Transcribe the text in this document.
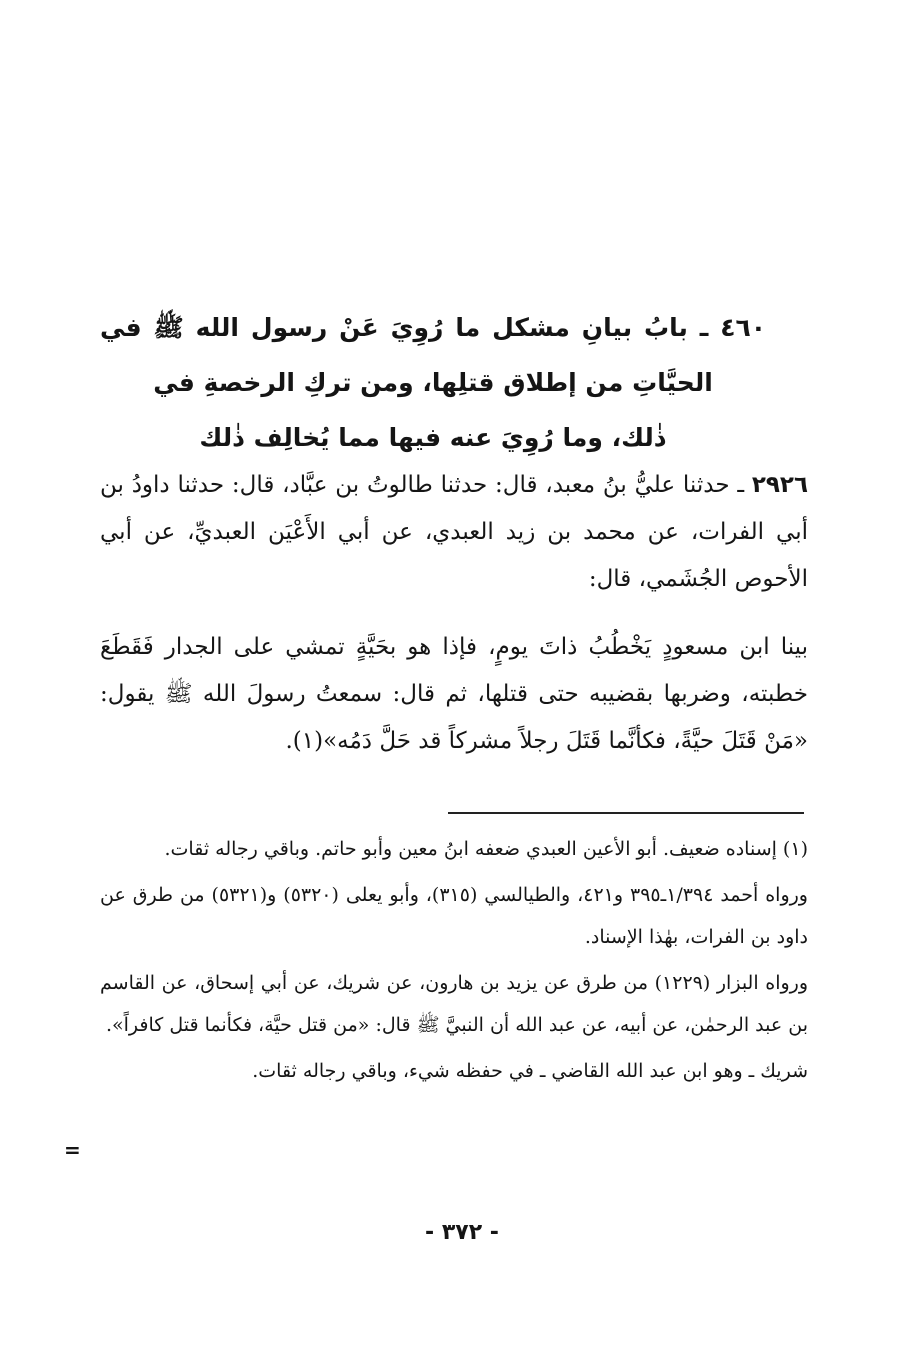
٤٦٠ ـ بابُ بيانِ مشكل ما رُوِيَ عَنْ رسول الله ﷺ في
الحيَّاتِ من إطلاق قتلِها، ومن تركِ الرخصةِ في
ذٰلك، وما رُوِيَ عنه فيها مما يُخالِف ذٰلك
٢٩٢٦ ـ حدثنا عليُّ بنُ معبد، قال: حدثنا طالوتُ بن عبَّاد، قال: حدثنا داودُ بن أبي الفرات، عن محمد بن زيد العبدي، عن أبي الأَعْيَن العبديِّ، عن أبي الأحوص الجُشَمي، قال:
بينا ابن مسعودٍ يَخْطُبُ ذاتَ يومٍ، فإذا هو بحَيَّةٍ تمشي على الجدار فَقَطَعَ خطبته، وضربها بقضيبه حتى قتلها، ثم قال: سمعتُ رسولَ الله ﷺ يقول: «مَنْ قَتَلَ حيَّةً، فكأنَّما قَتَلَ رجلاً مشركاً قد حَلَّ دَمُه»(١).

(١) إسناده ضعيف. أبو الأعين العبدي ضعفه ابنُ معين وأبو حاتم. وباقي رجاله ثقات.

ورواه أحمد ١/٣٩٤ـ٣٩٥ و٤٢١، والطيالسي (٣١٥)، وأبو يعلى (٥٣٢٠) و(٥٣٢١) من طرق عن داود بن الفرات، بهٰذا الإسناد.

ورواه البزار (١٢٢٩) من طرق عن يزيد بن هارون، عن شريك، عن أبي إسحاق، عن القاسم بن عبد الرحمٰن، عن أبيه، عن عبد الله أن النبيَّ ﷺ قال: «من قتل حيَّة، فكأنما قتل كافراً».

شريك ـ وهو ابن عبد الله القاضي ـ في حفظه شيء، وباقي رجاله ثقات.

=
- ٣٧٢ -
